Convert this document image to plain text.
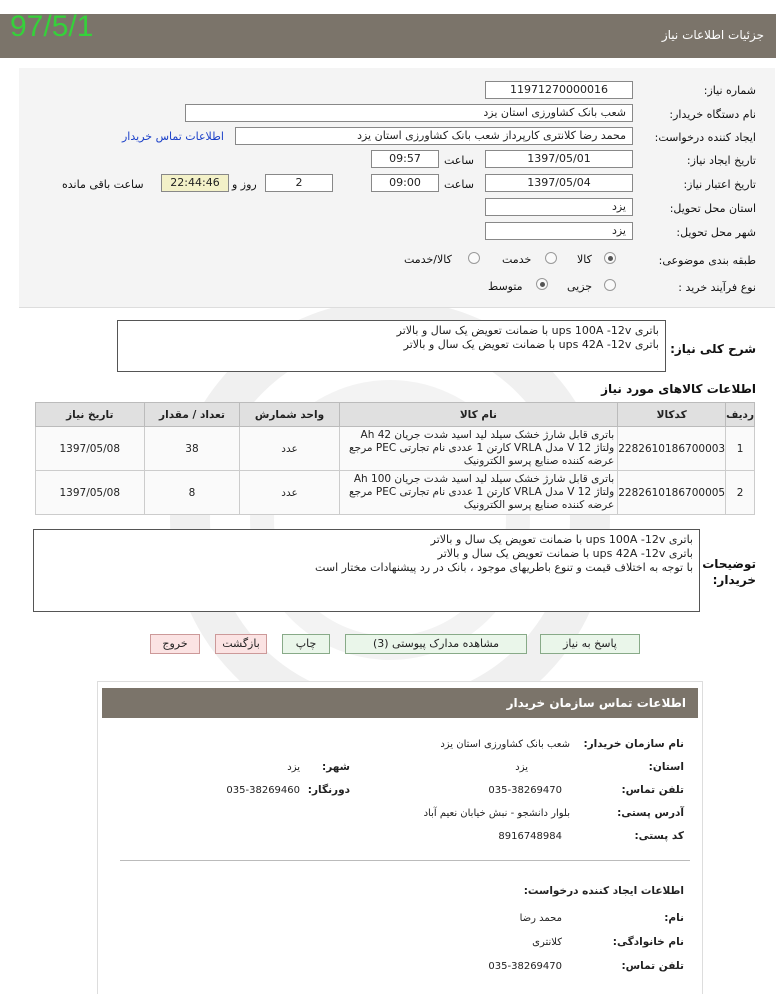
جزئیات اطلاعات نیاز
97/5/1
شماره نیاز:
11971270000016
نام دستگاه خریدار:
شعب بانک کشاورزی استان یزد
ایجاد کننده درخواست:
محمد رضا کلانتری کارپرداز شعب بانک کشاورزی استان یزد
اطلاعات تماس خریدار
تاریخ ایجاد نیاز:
1397/05/01
ساعت
09:57
تاریخ اعتبار نیاز:
1397/05/04
ساعت
09:00
2
روز و
22:44:46
ساعت باقی مانده
استان محل تحویل:
یزد
شهر محل تحویل:
یزد
طبقه بندی موضوعی:
کالا
خدمت
کالا/خدمت
نوع فرآیند خرید :
جزیی
متوسط
شرح کلی نیاز:
باتری ups 100A -12v با ضمانت تعویض یک سال و بالاتر
باتری ups 42A -12v با ضمانت تعویض یک سال و بالاتر
اطلاعات کالاهای مورد نیاز
ردیف	کدکالا	نام کالا	واحد شمارش	تعداد / مقدار	تاریخ نیاز
1	2282610186700003	باتری قابل شارژ خشک سیلد لید اسید شدت جریان 42 Ah ولتاژ 12 V مدل VRLA کارتن 1 عددی نام تجارتی PEC مرجع عرضه کننده صنایع پرسو الکترونیک	عدد	38	1397/05/08
2	2282610186700005	باتری قابل شارژ خشک سیلد لید اسید شدت جریان 100 Ah ولتاژ 12 V مدل VRLA کارتن 1 عددی نام تجارتی PEC مرجع عرضه کننده صنایع پرسو الکترونیک	عدد	8	1397/05/08
توضیحات خریدار:
باتری ups 100A -12v با ضمانت تعویض یک سال و بالاتر
باتری ups 42A -12v با ضمانت تعویض یک سال و بالاتر
با توجه به اختلاف قیمت و تنوع باطریهای موجود ، بانک در رد پیشنهادات مختار است
پاسخ به نیاز
مشاهده مدارک پیوستی (3)
چاپ
بازگشت
خروج
اطلاعات تماس سازمان خریدار
نام سازمان خریدار:
شعب بانک کشاورزی استان یزد
استان:
یزد
شهر:
یزد
تلفن تماس:
035-38269470
دورنگار:
035-38269460
آدرس پستی:
بلوار دانشجو - نبش خیابان نعیم آباد
کد پستی:
8916748984
اطلاعات ایجاد کننده درخواست:
نام:
محمد رضا
نام خانوادگی:
کلانتری
تلفن تماس:
035-38269470
